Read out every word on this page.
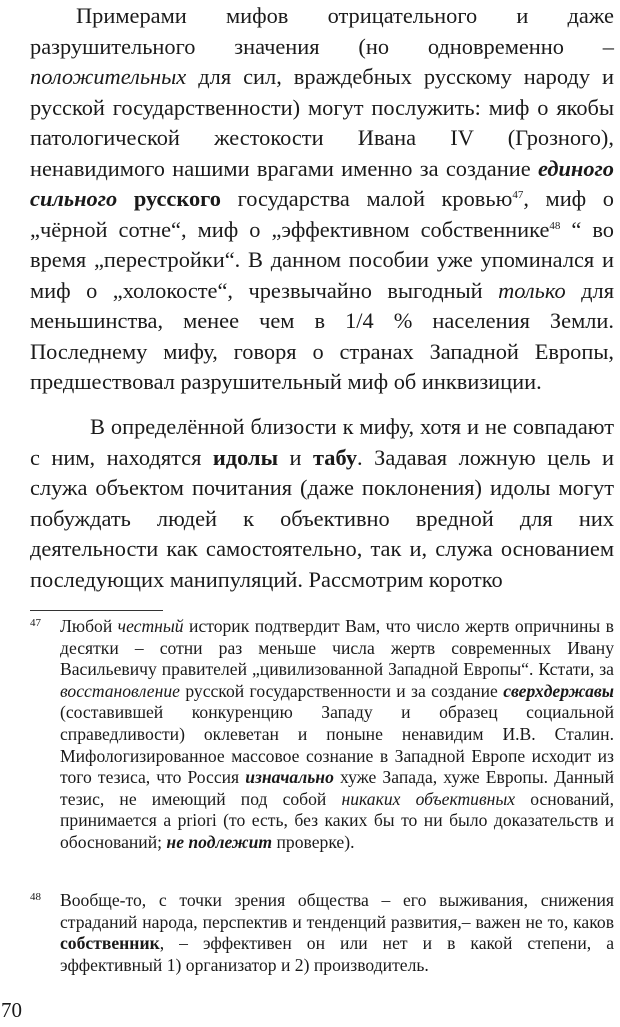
Примерами мифов отрицательного и даже разрушительного значения (но одновременно – положительных для сил, враждебных русскому народу и русской государственности) могут послужить: миф о якобы патологической жестокости Ивана IV (Грозного), ненавидимого нашими врагами именно за создание единого сильного русского государства малой кровью$^{47}$, миф о „чёрной сотне“, миф о „эффективном собственнике$^{48}$ “ во время „перестройки“. В данном пособии уже упоминался и миф о „холокосте“, чрезвычайно выгодный только для меньшинства, менее чем в 1/4 % населения Земли. Последнему мифу, говоря о странах Западной Европы, предшествовал разрушительный миф об инквизиции.

В определённой близости к мифу, хотя и не совпадают с ним, находятся идолы и табу. Задавая ложную цель и служа объектом почитания (даже поклонения) идолы могут побуждать людей к объективно вредной для них деятельности как самостоятельно, так и, служа основанием последующих манипуляций. Рассмотрим коротко

47 Любой честный историк подтвердит Вам, что число жертв опричнины в десятки – сотни раз меньше числа жертв современных Ивану Васильевичу правителей „цивилизованной Западной Европы“. Кстати, за восстановление русской государственности и за создание сверхдержавы (составившей конкуренцию Западу и образец социальной справедливости) оклеветан и поныне ненавидим И.В. Сталин. Мифологизированное массовое сознание в Западной Европе исходит из того тезиса, что Россия изначально хуже Запада, хуже Европы. Данный тезис, не имеющий под собой никаких объективных оснований, принимается a priori (то есть, без каких бы то ни было доказательств и обоснований; не подлежит проверке).
48 Вообще-то, с точки зрения общества – его выживания, снижения страданий народа, перспектив и тенденций развития,– важен не то, каков собственник, – эффективен он или нет и в какой степени, а эффективный 1) организатор и 2) производитель.
70
